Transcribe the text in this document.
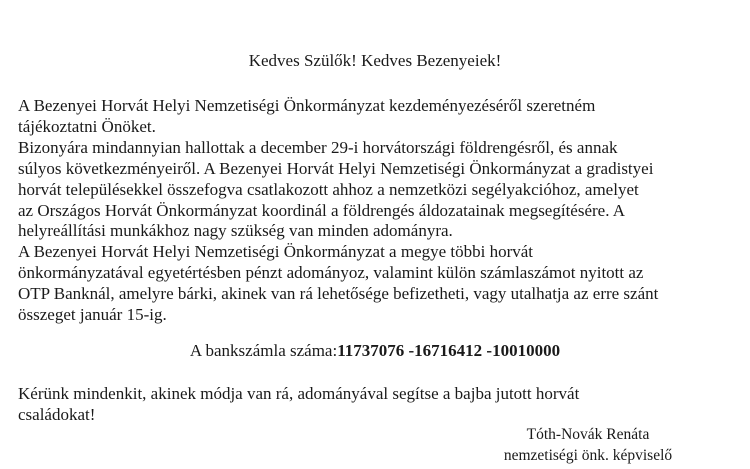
Kedves Szülők! Kedves Bezenyeiek!
A Bezenyei Horvát Helyi Nemzetiségi Önkormányzat kezdeményezéséről szeretném
tájékoztatni Önöket.
Bizonyára mindannyian hallottak a december 29-i horvátországi földrengésről, és annak
súlyos következményeiről. A Bezenyei Horvát Helyi Nemzetiségi Önkormányzat a gradistyei
horvát településekkel összefogva csatlakozott ahhoz a nemzetközi segélyakcióhoz, amelyet
az Országos Horvát Önkormányzat koordinál a földrengés áldozatainak megsegítésére. A
helyreállítási munkákhoz nagy szükség van minden adományra.
A Bezenyei Horvát Helyi Nemzetiségi Önkormányzat a megye többi horvát
önkormányzatával egyetértésben pénzt adományoz, valamint külön számlaszámot nyitott az
OTP Banknál, amelyre bárki, akinek van rá lehetősége befizetheti, vagy utalhatja az erre szánt
összeget január 15-ig.
A bankszámla száma:11737076 -16716412 -10010000
Kérünk mindenkit, akinek módja van rá, adományával segítse a bajba jutott horvát
családokat!
Tóth-Novák Renáta
nemzetiségi önk. képviselő
